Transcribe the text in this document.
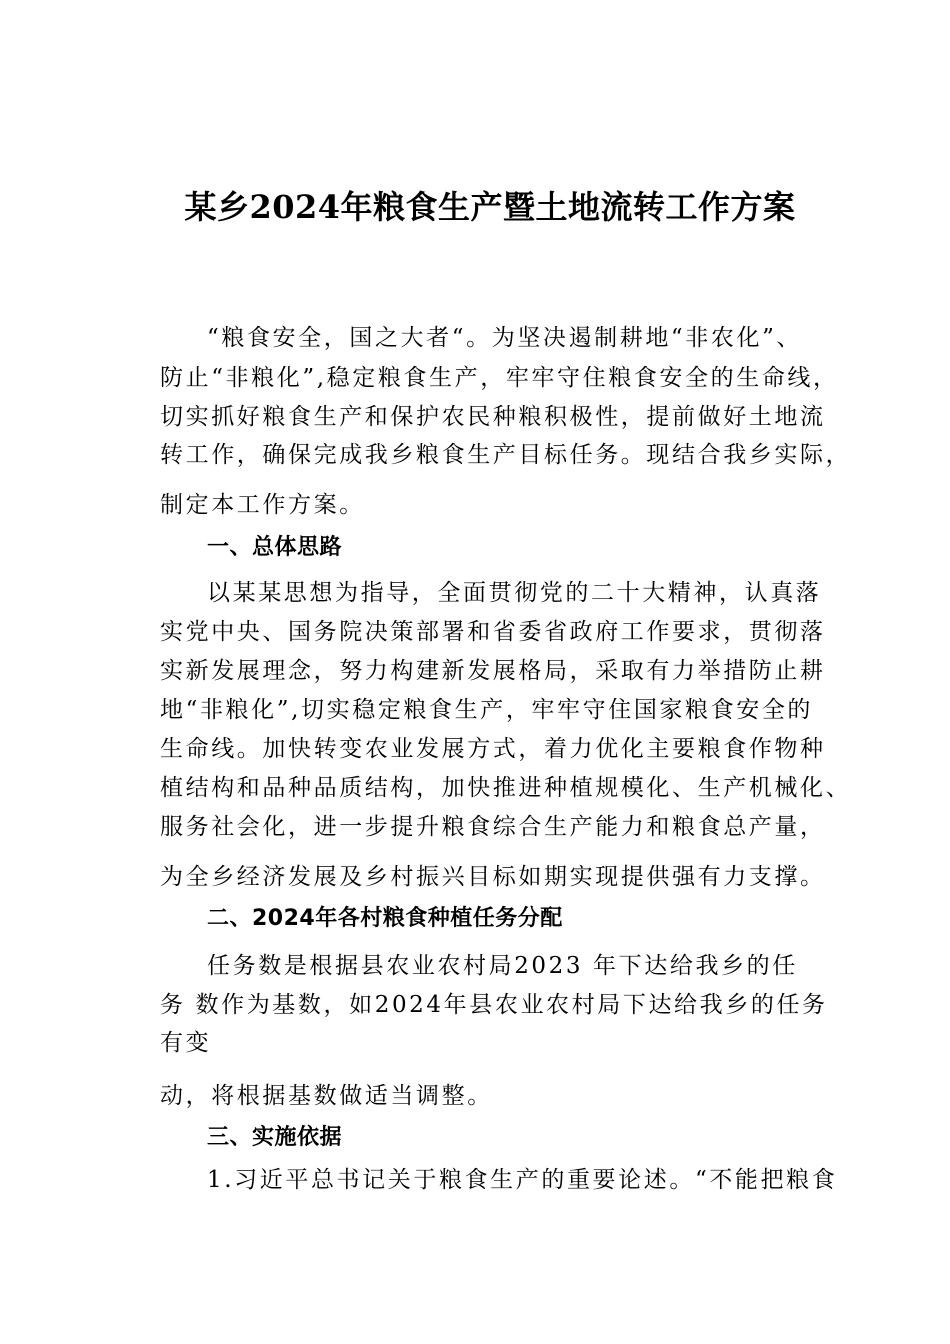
某乡2024年粮食生产暨土地流转工作方案
“粮食安全，国之大者“。为坚决遏制耕地“非农化”、
防止“非粮化”,稳定粮食生产，牢牢守住粮食安全的生命线，
切实抓好粮食生产和保护农民种粮积极性，提前做好土地流
转工作，确保完成我乡粮食生产目标任务。现结合我乡实际，
制定本工作方案。
一、总体思路
以某某思想为指导，全面贯彻党的二十大精神，认真落
实党中央、国务院决策部署和省委省政府工作要求，贯彻落
实新发展理念，努力构建新发展格局，采取有力举措防止耕
地“非粮化”,切实稳定粮食生产，牢牢守住国家粮食安全的
生命线。加快转变农业发展方式，着力优化主要粮食作物种
植结构和品种品质结构，加快推进种植规模化、生产机械化、
服务社会化，进一步提升粮食综合生产能力和粮食总产量，
为全乡经济发展及乡村振兴目标如期实现提供强有力支撑。
二、2024年各村粮食种植任务分配
任务数是根据县农业农村局2023 年下达给我乡的任
务 数作为基数，如2024年县农业农村局下达给我乡的任务
有变
动，将根据基数做适当调整。
三、实施依据
1.习近平总书记关于粮食生产的重要论述。“不能把粮食
